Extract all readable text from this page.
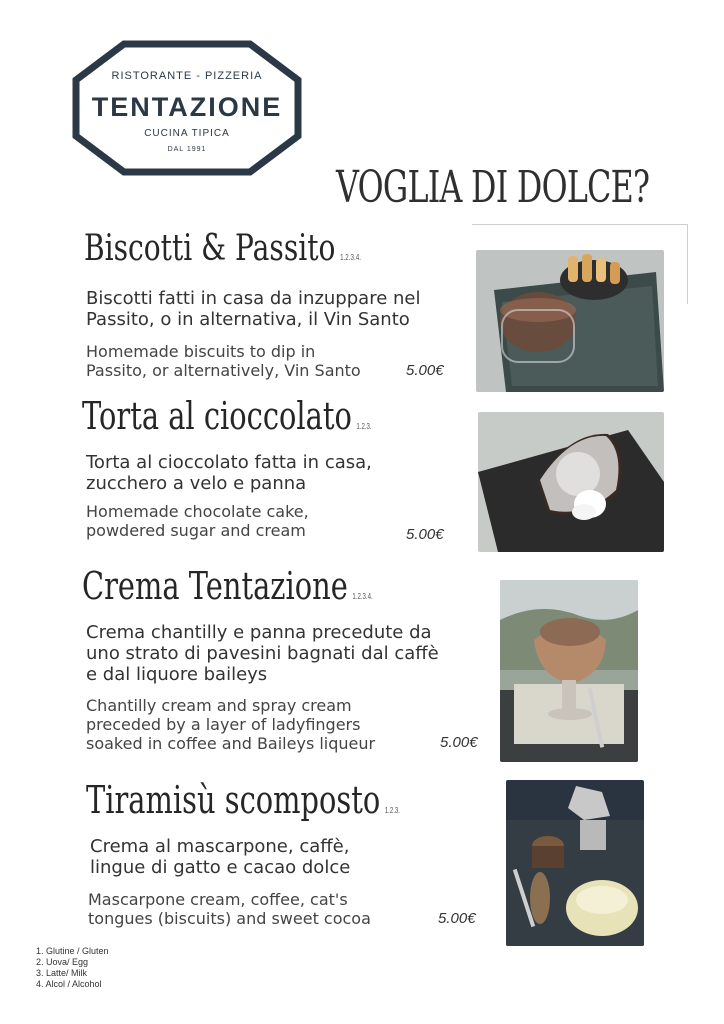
RISTORANTE - PIZZERIA
TENTAZIONE
CUCINA TIPICA
DAL 1991
VOGLIA DI DOLCE?
Biscotti & Passito 1.2.3.4.
Biscotti fatti in casa da inzuppare nel
Passito, o in alternativa, il Vin Santo
Homemade biscuits to dip in
Passito, or alternatively, Vin Santo	5.00€
Torta al cioccolato 1.2.3.
Torta al cioccolato fatta in casa,
zucchero a velo e panna
Homemade chocolate cake,
powdered sugar and cream	5.00€
Crema Tentazione 1.2.3.4.
Crema chantilly e panna precedute da
uno strato di pavesini bagnati dal caffè
e dal liquore baileys
Chantilly cream and spray cream
preceded by a layer of ladyfingers
soaked in coffee and Baileys liqueur	5.00€
Tiramisù scomposto 1.2.3.
Crema al mascarpone, caffè,
lingue di gatto e cacao dolce
Mascarpone cream, coffee, cat's
tongues (biscuits) and sweet cocoa	5.00€
1. Glutine / Gluten
2. Uova/ Egg
3. Latte/ Milk
4. Alcol / Alcohol
